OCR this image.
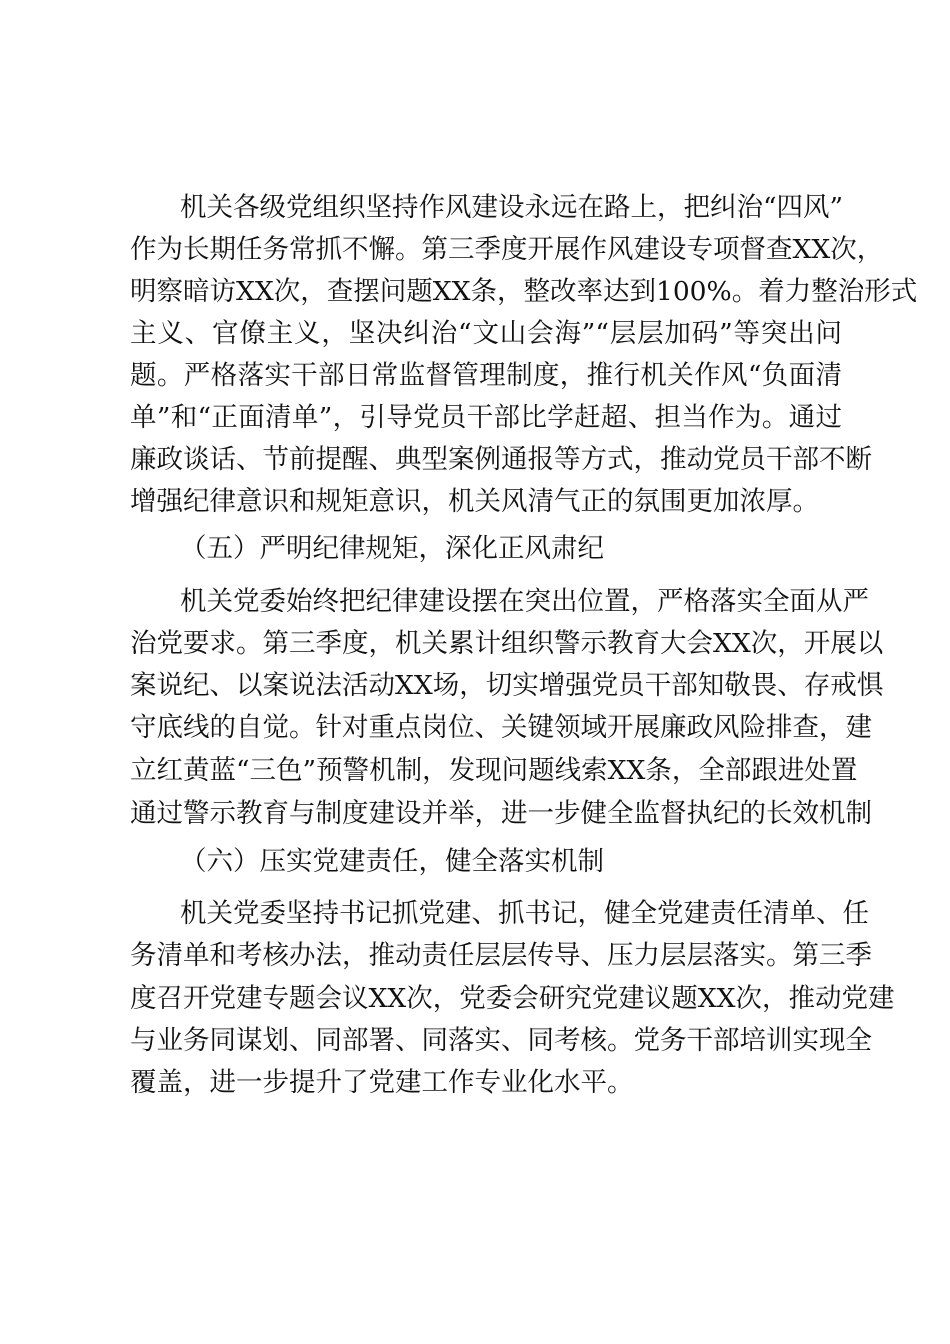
机关各级党组织坚持作风建设永远在路上，把纠治“四风”
作为长期任务常抓不懈。第三季度开展作风建设专项督查XX次，
明察暗访XX次，查摆问题XX条，整改率达到100%。着力整治形式
主义、官僚主义，坚决纠治“文山会海”“层层加码”等突出问
题。严格落实干部日常监督管理制度，推行机关作风“负面清
单”和“正面清单”，引导党员干部比学赶超、担当作为。通过
廉政谈话、节前提醒、典型案例通报等方式，推动党员干部不断
增强纪律意识和规矩意识，机关风清气正的氛围更加浓厚。
（五）严明纪律规矩，深化正风肃纪
机关党委始终把纪律建设摆在突出位置，严格落实全面从严
治党要求。第三季度，机关累计组织警示教育大会XX次，开展以
案说纪、以案说法活动XX场，切实增强党员干部知敬畏、存戒惧
守底线的自觉。针对重点岗位、关键领域开展廉政风险排查，建
立红黄蓝“三色”预警机制，发现问题线索XX条，全部跟进处置
通过警示教育与制度建设并举，进一步健全监督执纪的长效机制
（六）压实党建责任，健全落实机制
机关党委坚持书记抓党建、抓书记，健全党建责任清单、任
务清单和考核办法，推动责任层层传导、压力层层落实。第三季
度召开党建专题会议XX次，党委会研究党建议题XX次，推动党建
与业务同谋划、同部署、同落实、同考核。党务干部培训实现全
覆盖，进一步提升了党建工作专业化水平。
